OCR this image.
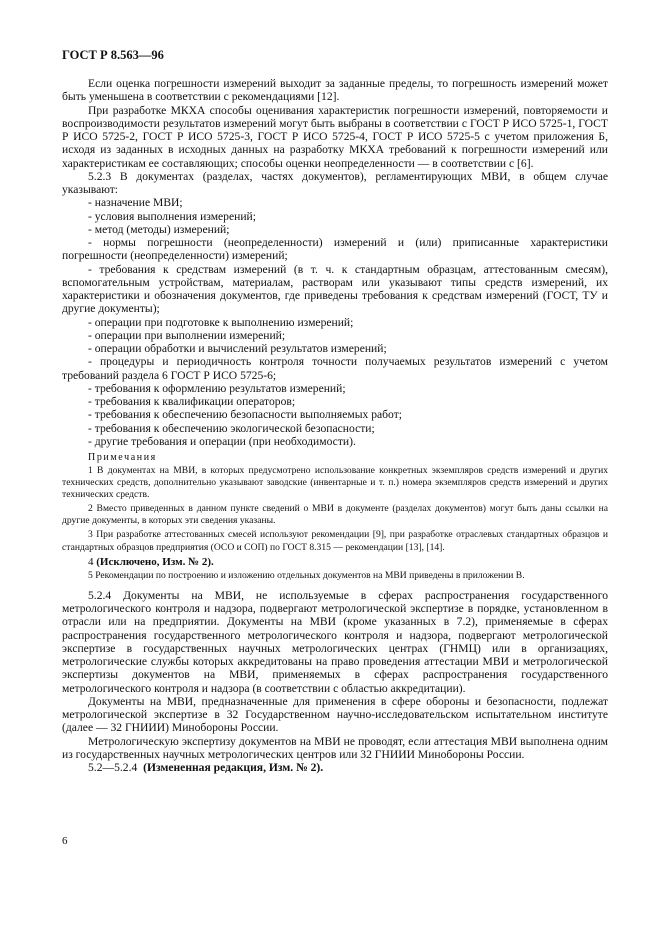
ГОСТ Р 8.563—96

Если оценка погрешности измерений выходит за заданные пределы, то погрешность измерений может быть уменьшена в соответствии с рекомендациями [12].

При разработке МКХА способы оценивания характеристик погрешности измерений, повторяемости и воспроизводимости результатов измерений могут быть выбраны в соответствии с ГОСТ Р ИСО 5725-1, ГОСТ Р ИСО 5725-2, ГОСТ Р ИСО 5725-3, ГОСТ Р ИСО 5725-4, ГОСТ Р ИСО 5725-5 с учетом приложения Б, исходя из заданных в исходных данных на разработку МКХА требований к погрешности измерений или характеристикам ее составляющих; способы оценки неопределенности — в соответствии с [6].

5.2.3 В документах (разделах, частях документов), регламентирующих МВИ, в общем случае указывают:

- назначение МВИ;

- условия выполнения измерений;

- метод (методы) измерений;

- нормы погрешности (неопределенности) измерений и (или) приписанные характеристики погрешности (неопределенности) измерений;

- требования к средствам измерений (в т. ч. к стандартным образцам, аттестованным смесям), вспомогательным устройствам, материалам, растворам или указывают типы средств измерений, их характеристики и обозначения документов, где приведены требования к средствам измерений (ГОСТ, ТУ и другие документы);

- операции при подготовке к выполнению измерений;

- операции при выполнении измерений;

- операции обработки и вычислений результатов измерений;

- процедуры и периодичность контроля точности получаемых результатов измерений с учетом требований раздела 6 ГОСТ Р ИСО 5725-6;

- требования к оформлению результатов измерений;

- требования к квалификации операторов;

- требования к обеспечению безопасности выполняемых работ;

- требования к обеспечению экологической безопасности;

- другие требования и операции (при необходимости).

Примечания

1 В документах на МВИ, в которых предусмотрено использование конкретных экземпляров средств измерений и других технических средств, дополнительно указывают заводские (инвентарные и т. п.) номера экземпляров средств измерений и других технических средств.

2 Вместо приведенных в данном пункте сведений о МВИ в документе (разделах документов) могут быть даны ссылки на другие документы, в которых эти сведения указаны.

3 При разработке аттестованных смесей используют рекомендации [9], при разработке отраслевых стандартных образцов и стандартных образцов предприятия (ОСО и СОП) по ГОСТ 8.315 — рекомендации [13], [14].

4 (Исключено, Изм. № 2).

5 Рекомендации по построению и изложению отдельных документов на МВИ приведены в приложении В.

5.2.4 Документы на МВИ, не используемые в сферах распространения государственного метрологического контроля и надзора, подвергают метрологической экспертизе в порядке, установленном в отрасли или на предприятии. Документы на МВИ (кроме указанных в 7.2), применяемые в сферах распространения государственного метрологического контроля и надзора, подвергают метрологической экспертизе в государственных научных метрологических центрах (ГНМЦ) или в организациях, метрологические службы которых аккредитованы на право проведения аттестации МВИ и метрологической экспертизы документов на МВИ, применяемых в сферах распространения государственного метрологического контроля и надзора (в соответствии с областью аккредитации).

Документы на МВИ, предназначенные для применения в сфере обороны и безопасности, подлежат метрологической экспертизе в 32 Государственном научно-исследовательском испытательном институте (далее — 32 ГНИИИ) Минобороны России.

Метрологическую экспертизу документов на МВИ не проводят, если аттестация МВИ выполнена одним из государственных научных метрологических центров или 32 ГНИИИ Минобороны России.

5.2—5.2.4 (Измененная редакция, Изм. № 2).

6
